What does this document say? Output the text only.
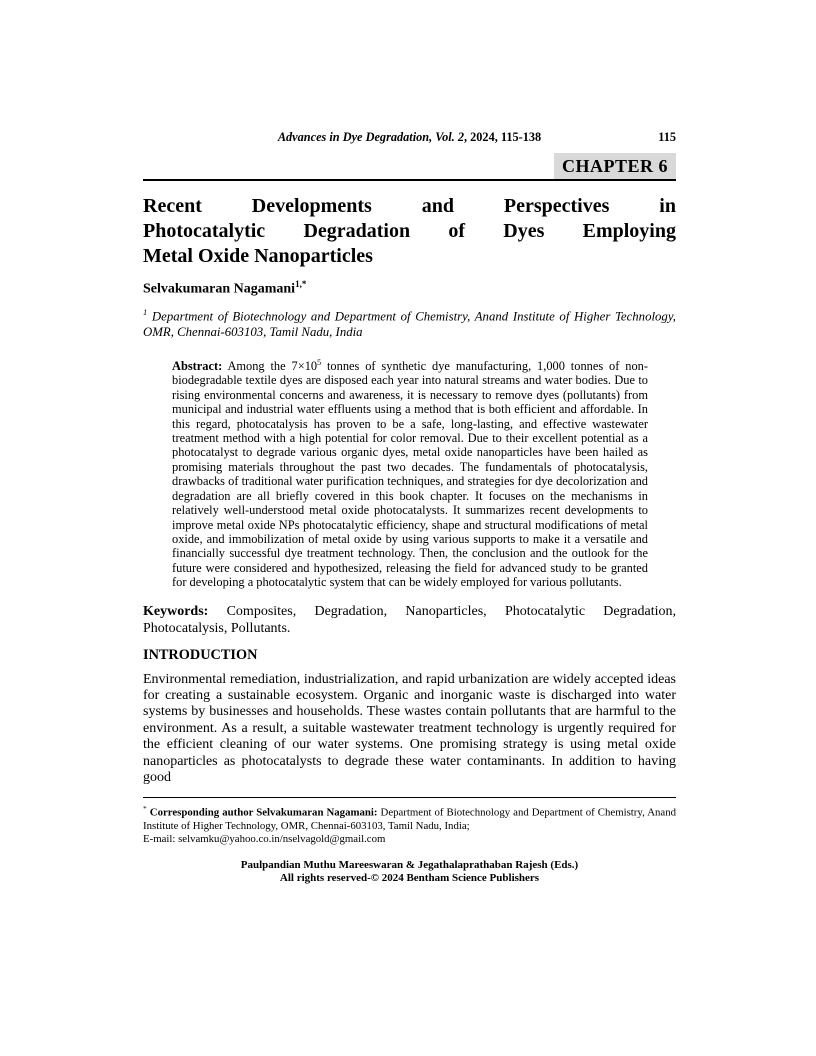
Advances in Dye Degradation, Vol. 2, 2024, 115-138	115
CHAPTER 6
Recent Developments and Perspectives in
Photocatalytic Degradation of Dyes Employing
Metal Oxide Nanoparticles
Selvakumaran Nagamani$^{1,*}$
$^1$ Department of Biotechnology and Department of Chemistry, Anand Institute of Higher Technology, OMR, Chennai-603103, Tamil Nadu, India
Abstract: Among the $7\times 10^5$ tonnes of synthetic dye manufacturing, 1,000 tonnes of non-biodegradable textile dyes are disposed each year into natural streams and water bodies. Due to rising environmental concerns and awareness, it is necessary to remove dyes (pollutants) from municipal and industrial water effluents using a method that is both efficient and affordable. In this regard, photocatalysis has proven to be a safe, long-lasting, and effective wastewater treatment method with a high potential for color removal. Due to their excellent potential as a photocatalyst to degrade various organic dyes, metal oxide nanoparticles have been hailed as promising materials throughout the past two decades. The fundamentals of photocatalysis, drawbacks of traditional water purification techniques, and strategies for dye decolorization and degradation are all briefly covered in this book chapter. It focuses on the mechanisms in relatively well-understood metal oxide photocatalysts. It summarizes recent developments to improve metal oxide NPs photocatalytic efficiency, shape and structural modifications of metal oxide, and immobilization of metal oxide by using various supports to make it a versatile and financially successful dye treatment technology. Then, the conclusion and the outlook for the future were considered and hypothesized, releasing the field for advanced study to be granted for developing a photocatalytic system that can be widely employed for various pollutants.
Keywords: Composites, Degradation, Nanoparticles, Photocatalytic Degradation, Photocatalysis, Pollutants.
INTRODUCTION
Environmental remediation, industrialization, and rapid urbanization are widely accepted ideas for creating a sustainable ecosystem. Organic and inorganic waste is discharged into water systems by businesses and households. These wastes contain pollutants that are harmful to the environment. As a result, a suitable wastewater treatment technology is urgently required for the efficient cleaning of our water systems. One promising strategy is using metal oxide nanoparticles as photocatalysts to degrade these water contaminants. In addition to having good
* Corresponding author Selvakumaran Nagamani: Department of Biotechnology and Department of Chemistry, Anand Institute of Higher Technology, OMR, Chennai-603103, Tamil Nadu, India;
E-mail: selvamku@yahoo.co.in/nselvagold@gmail.com
Paulpandian Muthu Mareeswaran & Jegathalaprathaban Rajesh (Eds.)
All rights reserved-© 2024 Bentham Science Publishers
